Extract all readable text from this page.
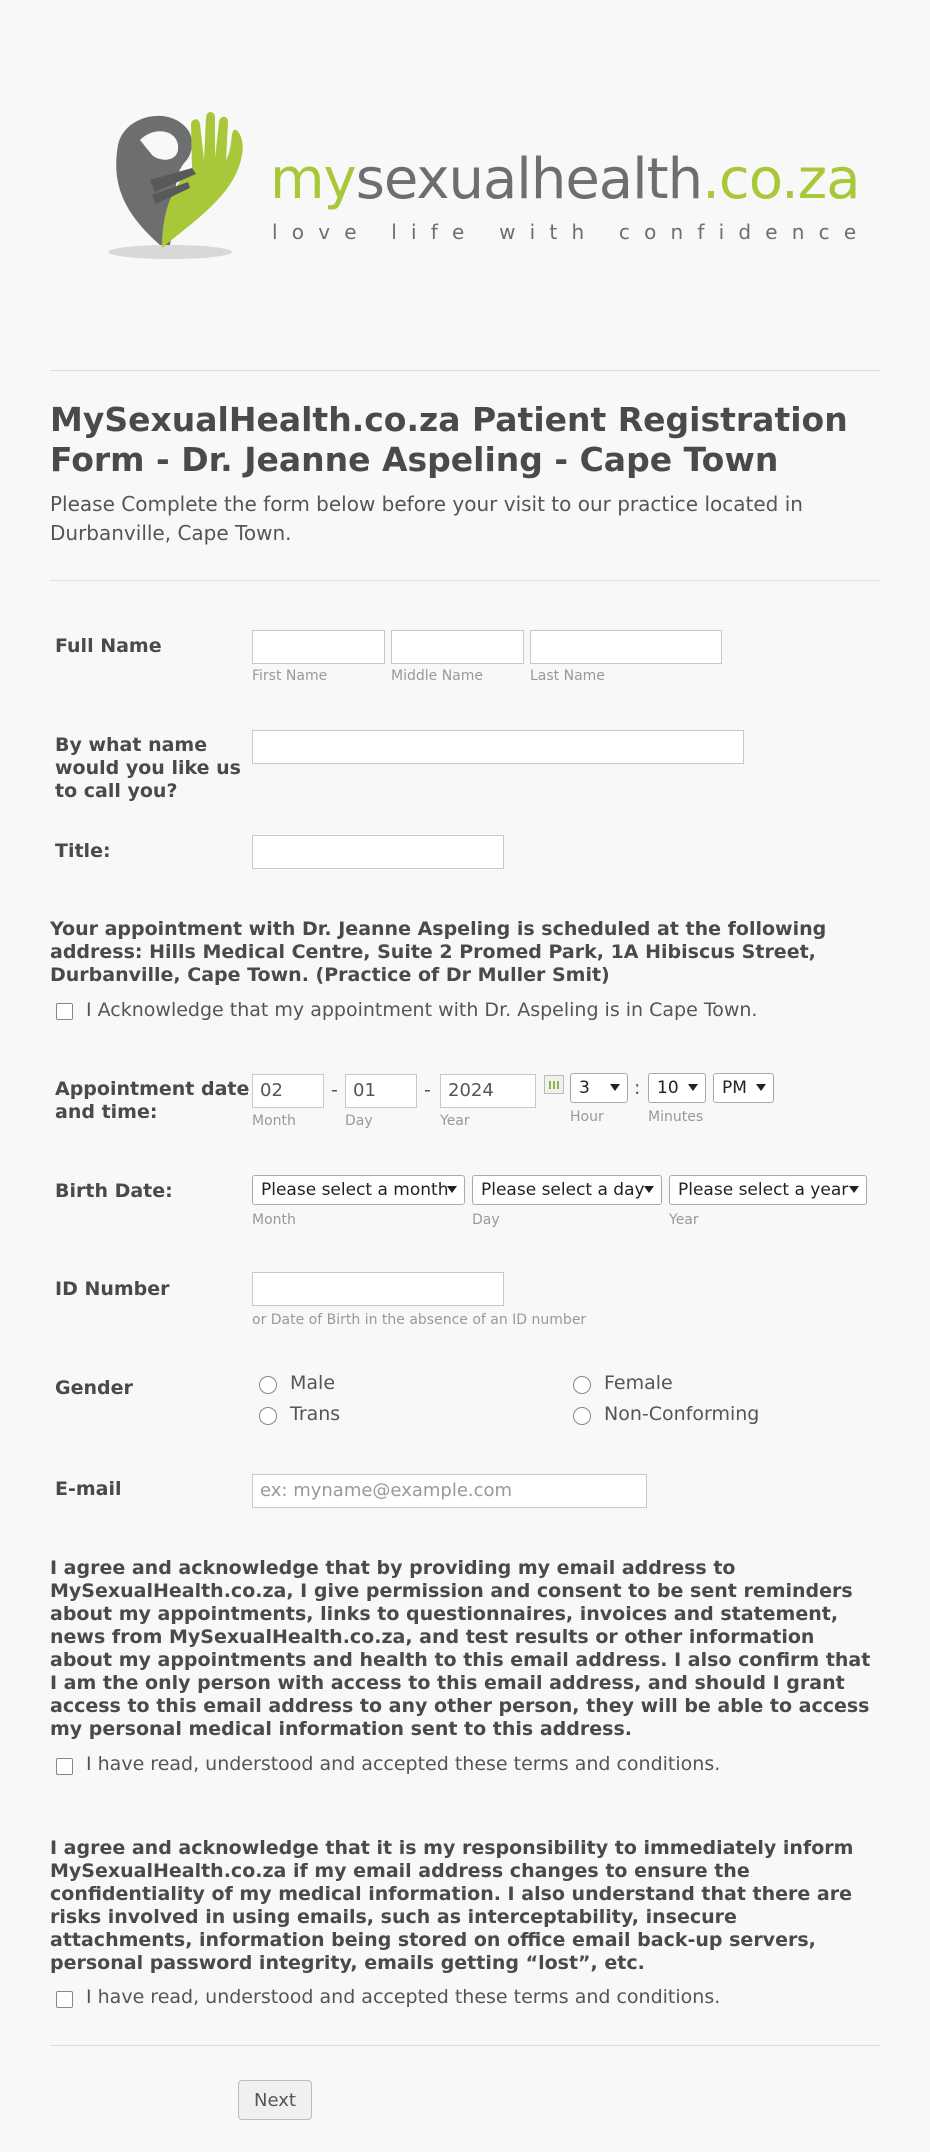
mysexualhealth.co.za
love life with confidence
MySexualHealth.co.za Patient Registration Form - Dr. Jeanne Aspeling - Cape Town
Please Complete the form below before your visit to our practice located in Durbanville, Cape Town.
Full Name
First Name	Middle Name	Last Name
By what name would you like us to call you?
Title:
Your appointment with Dr. Jeanne Aspeling is scheduled at the following address: Hills Medical Centre, Suite 2 Promed Park, 1A Hibiscus Street, Durbanville, Cape Town. (Practice of Dr Muller Smit)
I Acknowledge that my appointment with Dr. Aspeling is in Cape Town.
Appointment date and time:
02	- 01	- 2024	3	: 10	PM
Month	Day	Year	Hour	Minutes
Birth Date:	Please select a month	Please select a day	Please select a year
Month	Day	Year
ID Number
or Date of Birth in the absence of an ID number
Gender	Male	Female
Trans	Non-Conforming
E-mail	ex: myname@example.com
I agree and acknowledge that by providing my email address to MySexualHealth.co.za, I give permission and consent to be sent reminders about my appointments, links to questionnaires, invoices and statement, news from MySexualHealth.co.za, and test results or other information about my appointments and health to this email address. I also confirm that I am the only person with access to this email address, and should I grant access to this email address to any other person, they will be able to access my personal medical information sent to this address.
I have read, understood and accepted these terms and conditions.
I agree and acknowledge that it is my responsibility to immediately inform MySexualHealth.co.za if my email address changes to ensure the confidentiality of my medical information. I also understand that there are risks involved in using emails, such as interceptability, insecure attachments, information being stored on office email back-up servers, personal password integrity, emails getting “lost”, etc.
I have read, understood and accepted these terms and conditions.
Next
